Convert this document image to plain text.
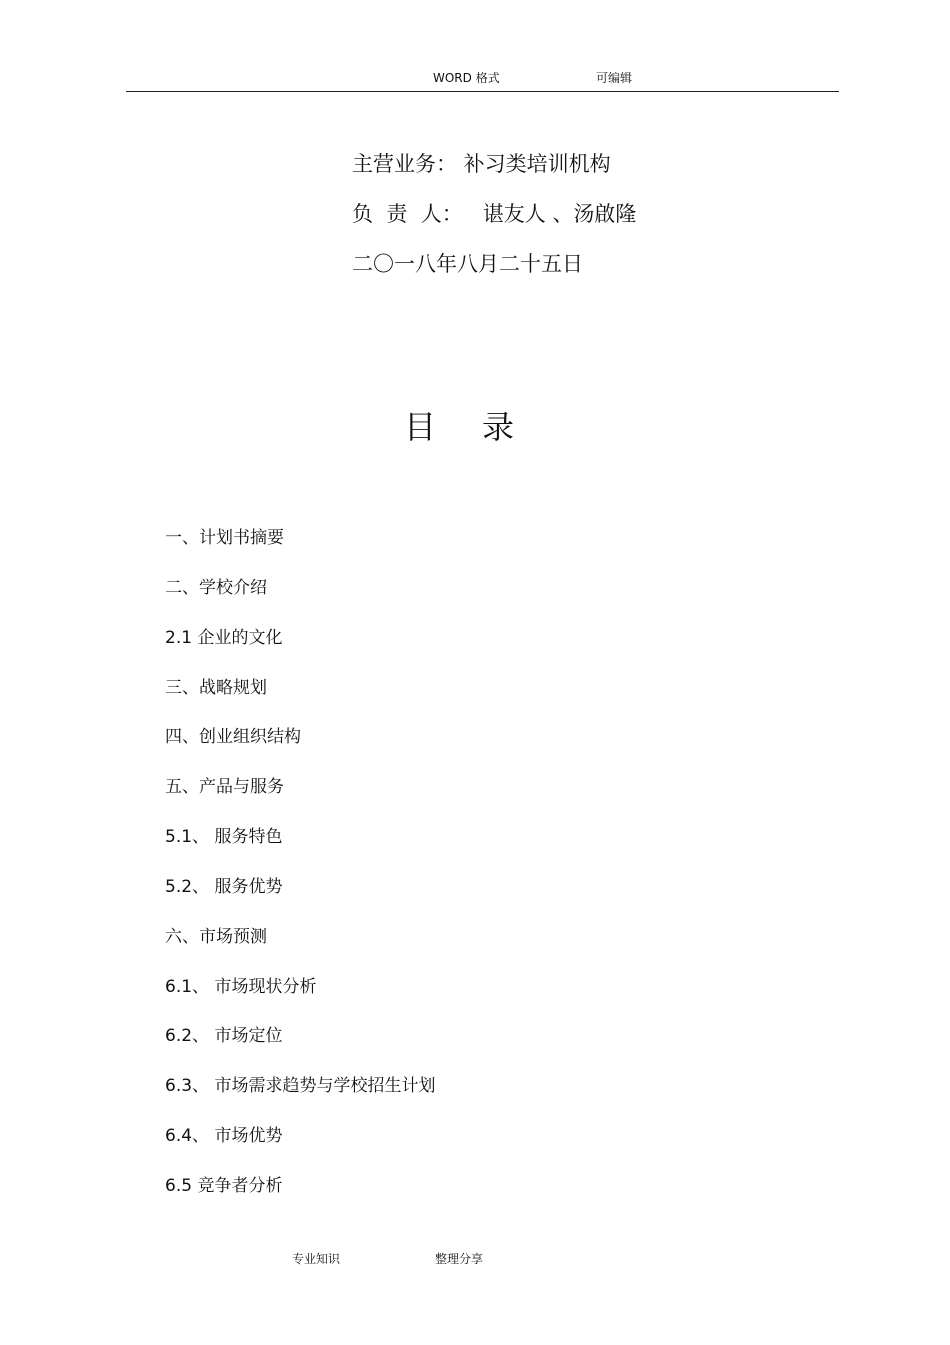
WORD 格式	可编辑
主营业务： 补习类培训机构
负  责  人：   谌友人 、汤啟隆
二〇一八年八月二十五日
目录
一、计划书摘要
二、学校介绍
2.1 企业的文化
三、战略规划
四、创业组织结构
五、产品与服务
5.1、 服务特色
5.2、 服务优势
六、市场预测
6.1、 市场现状分析
6.2、 市场定位
6.3、 市场需求趋势与学校招生计划
6.4、 市场优势
6.5 竞争者分析
专业知识	整理分享
